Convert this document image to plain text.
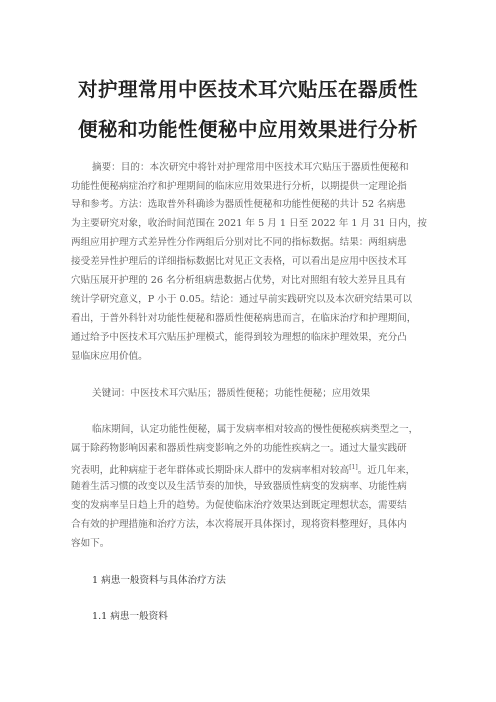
对护理常用中医技术耳穴贴压在器质性
便秘和功能性便秘中应用效果进行分析
摘要：目的：本次研究中将针对护理常用中医技术耳穴贴压于器质性便秘和
功能性便秘病症治疗和护理期间的临床应用效果进行分析，以期提供一定理论指
导和参考。方法：选取普外科确诊为器质性便秘和功能性便秘的共计 52 名病患
为主要研究对象，收治时间范围在 2021 年 5 月 1 日至 2022 年 1 月 31 日内，按
两组应用护理方式差异性分作两组后分别对比不同的指标数据。结果：两组病患
接受差异性护理后的详细指标数据比对见正文表格，可以看出是应用中医技术耳
穴贴压展开护理的 26 名分析组病患数据占优势，对比对照组有较大差异且具有
统计学研究意义，P 小于 0.05。结论：通过早前实践研究以及本次研究结果可以
看出，于普外科针对功能性便秘和器质性便秘病患而言，在临床治疗和护理期间，
通过给予中医技术耳穴贴压护理模式，能得到较为理想的临床护理效果，充分凸
显临床应用价值。
关键词：中医技术耳穴贴压；器质性便秘；功能性便秘；应用效果
临床期间，认定功能性便秘，属于发病率相对较高的慢性便秘疾病类型之一，
属于除药物影响因素和器质性病变影响之外的功能性疾病之一。通过大量实践研
究表明，此种病症于老年群体或长期卧床人群中的发病率相对较高[1]。近几年来，
随着生活习惯的改变以及生活节奏的加快，导致器质性病变的发病率、功能性病
变的发病率呈日趋上升的趋势。为促使临床治疗效果达到既定理想状态，需要结
合有效的护理措施和治疗方法，本次将展开具体探讨，现将资料整理好，具体内
容如下。
1 病患一般资料与具体治疗方法
1.1 病患一般资料
